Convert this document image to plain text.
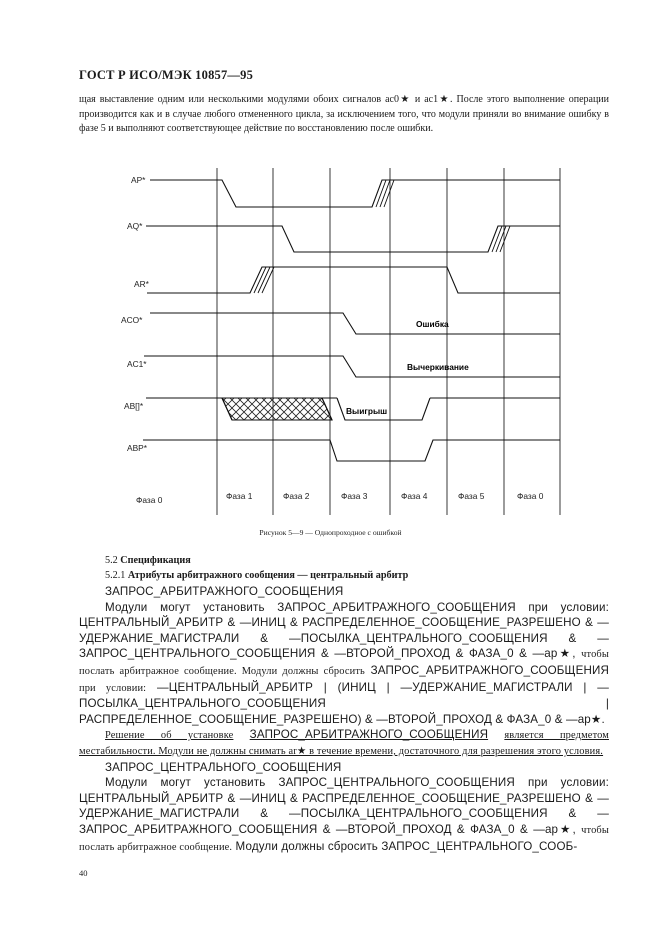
ГОСТ Р ИСО/МЭК 10857—95

щая выставление одним или несколькими модулями обоих сигналов ac0★ и ac1★. После этого выполнение операции производится как и в случае любого отмененного цикла, за исключением того, что модули приняли во внимание ошибку в фазе 5 и выполняют соответствующее действие по восстановлению после ошибки.

AP*
AQ*
AR*
ACO*
AC1*
AB[]*
ABP*
Ошибка
Вычеркивание
Выигрыш
Фаза 0	Фаза 1	Фаза 2	Фаза 3	Фаза 4	Фаза 5	Фаза 0
Рисунок 5—9 — Однопроходное с ошибкой
5.2 Спецификация
5.2.1 Атрибуты арбитражного сообщения — центральный арбитр

ЗАПРОС_АРБИТРАЖНОГО_СООБЩЕНИЯ

Модули могут установить ЗАПРОС_АРБИТРАЖНОГО_СООБЩЕНИЯ при условии: ЦЕНТРАЛЬНЫЙ_АРБИТР & —ИНИЦ & РАСПРЕДЕЛЕННОЕ_СООБЩЕНИЕ_РАЗРЕШЕНО & —УДЕРЖАНИЕ_МАГИСТРАЛИ & —ПОСЫЛКА_ЦЕНТРАЛЬНОГО_СООБЩЕНИЯ & —ЗАПРОС_ЦЕНТРАЛЬНОГО_СООБЩЕНИЯ & —ВТОРОЙ_ПРОХОД & ФАЗА_0 & —ар★, чтобы послать арбитражное сообщение. Модули должны сбросить ЗАПРОС_АРБИТРАЖНОГО_СООБЩЕНИЯ при условии: —ЦЕНТРАЛЬНЫЙ_АРБИТР | (ИНИЦ | —УДЕРЖАНИЕ_МАГИСТРАЛИ | —ПОСЫЛКА_ЦЕНТРАЛЬНОГО_СООБЩЕНИЯ | РАСПРЕДЕЛЕННОЕ_СООБЩЕНИЕ_РАЗРЕШЕНО) & —ВТОРОЙ_ПРОХОД & ФАЗА_0 & —ар★.

Решение об установке ЗАПРОС_АРБИТРАЖНОГО_СООБЩЕНИЯ является предметом местабильности. Модули не должны снимать ar★ в течение времени, достаточного для разрешения этого условия.

ЗАПРОС_ЦЕНТРАЛЬНОГО_СООБЩЕНИЯ

Модули могут установить ЗАПРОС_ЦЕНТРАЛЬНОГО_СООБЩЕНИЯ при условии: ЦЕНТРАЛЬНЫЙ_АРБИТР & —ИНИЦ & РАСПРЕДЕЛЕННОЕ_СООБЩЕНИЕ_РАЗРЕШЕНО & —УДЕРЖАНИЕ_МАГИСТРАЛИ & —ПОСЫЛКА_ЦЕНТРАЛЬНОГО_СООБЩЕНИЯ & —ЗАПРОС_АРБИТРАЖНОГО_СООБЩЕНИЯ & —ВТОРОЙ_ПРОХОД & ФАЗА_0 & —ар★, чтобы послать арбитражное сообщение. Модули должны сбросить ЗАПРОС_ЦЕНТРАЛЬНОГО_СООБ-

40
